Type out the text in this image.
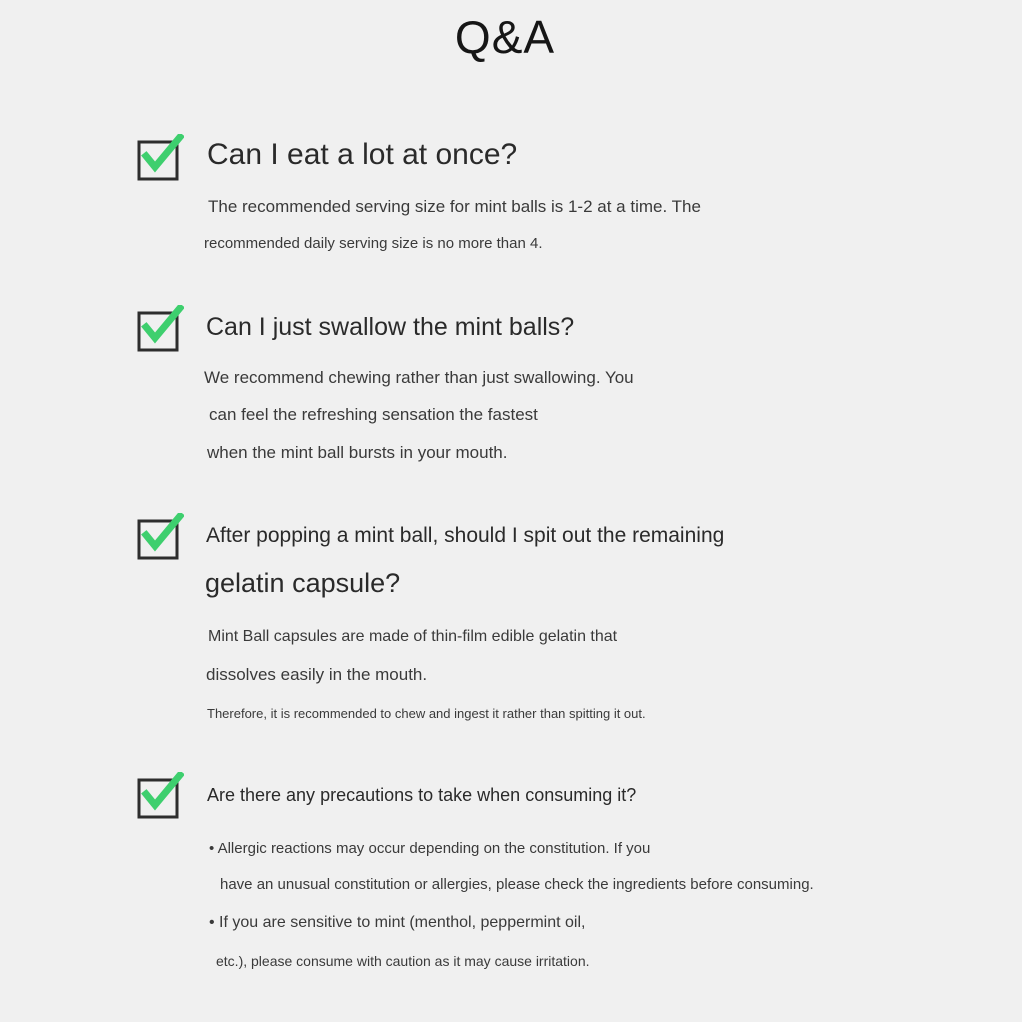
Q&A
Can I eat a lot at once?
The recommended serving size for mint balls is 1-2 at a time. The
recommended daily serving size is no more than 4.
Can I just swallow the mint balls?
We recommend chewing rather than just swallowing. You
can feel the refreshing sensation the fastest
when the mint ball bursts in your mouth.
After popping a mint ball, should I spit out the remaining
gelatin capsule?
Mint Ball capsules are made of thin-film edible gelatin that
dissolves easily in the mouth.
Therefore, it is recommended to chew and ingest it rather than spitting it out.
Are there any precautions to take when consuming it?
• Allergic reactions may occur depending on the constitution. If you
have an unusual constitution or allergies, please check the ingredients before consuming.
• If you are sensitive to mint (menthol, peppermint oil,
etc.), please consume with caution as it may cause irritation.
